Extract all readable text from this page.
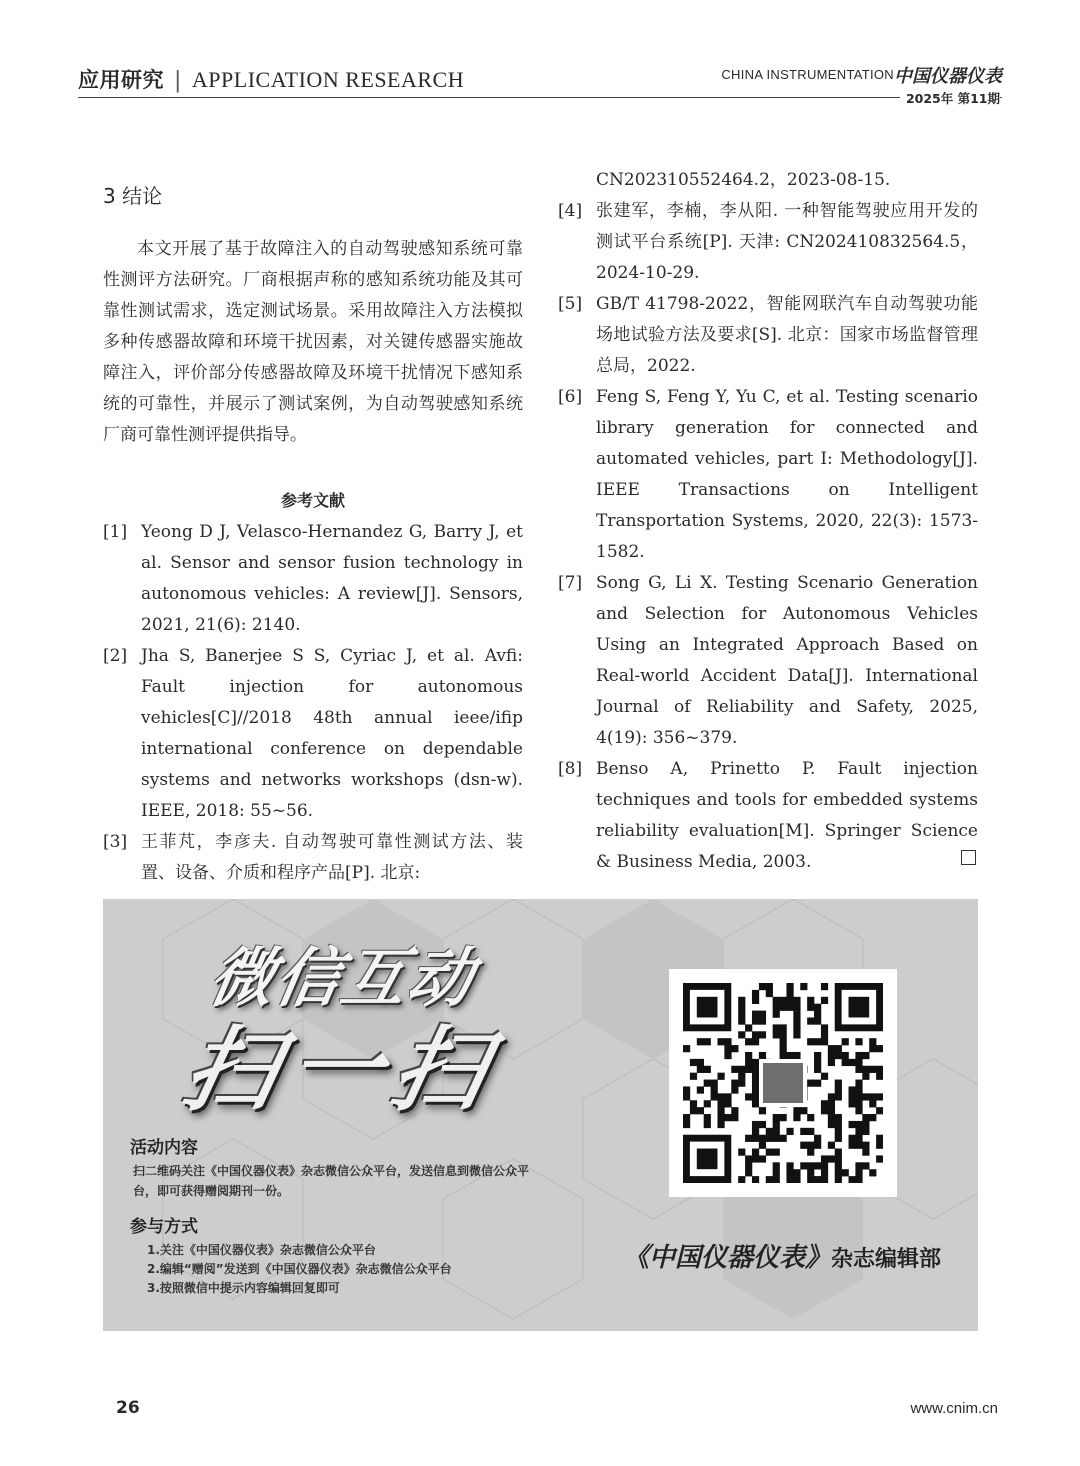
应用研究 | APPLICATION RESEARCH	CHINA INSTRUMENTATION 中国仪器仪表
2025年 第11期
3 结论

本文开展了基于故障注入的自动驾驶感知系统可靠性测评方法研究。厂商根据声称的感知系统功能及其可靠性测试需求，选定测试场景。采用故障注入方法模拟多种传感器故障和环境干扰因素，对关键传感器实施故障注入，评价部分传感器故障及环境干扰情况下感知系统的可靠性，并展示了测试案例，为自动驾驶感知系统厂商可靠性测评提供指导。

参考文献
[1] Yeong D J, Velasco-Hernandez G, Barry J, et al. Sensor and sensor fusion technology in autonomous vehicles: A review[J]. Sensors, 2021, 21(6): 2140.
[2] Jha S, Banerjee S S, Cyriac J, et al. Avfi: Fault injection for autonomous vehicles[C]//2018 48th annual ieee/ifip international conference on dependable systems and networks workshops (dsn-w). IEEE, 2018: 55~56.
[3] 王菲芃，李彦夫. 自动驾驶可靠性测试方法、装置、设备、介质和程序产品[P]. 北京:

CN202310552464.2，2023-08-15.

[4] 张建军，李楠，李从阳. 一种智能驾驶应用开发的测试平台系统[P]. 天津: CN202410832564.5，2024-10-29.
[5] GB/T 41798-2022，智能网联汽车自动驾驶功能场地试验方法及要求[S]. 北京：国家市场监督管理总局，2022.
[6] Feng S, Feng Y, Yu C, et al. Testing scenario library generation for connected and automated vehicles, part I: Methodology[J]. IEEE Transactions on Intelligent Transportation Systems, 2020, 22(3): 1573-1582.
[7] Song G, Li X. Testing Scenario Generation and Selection for Autonomous Vehicles Using an Integrated Approach Based on Real-world Accident Data[J]. International Journal of Reliability and Safety, 2025, 4(19): 356~379.
[8] Benso A, Prinetto P. Fault injection techniques and tools for embedded systems reliability evaluation[M]. Springer Science & Business Media, 2003.
微信互动
扫一扫
活动内容
扫二维码关注《中国仪器仪表》杂志微信公众平台，发送信息到微信公众平台，即可获得赠阅期刊一份。
参与方式
1.关注《中国仪器仪表》杂志微信公众平台
2.编辑“赠阅”发送到《中国仪器仪表》杂志微信公众平台
3.按照微信中提示内容编辑回复即可
《中国仪器仪表》杂志编辑部
26	www.cnim.cn
